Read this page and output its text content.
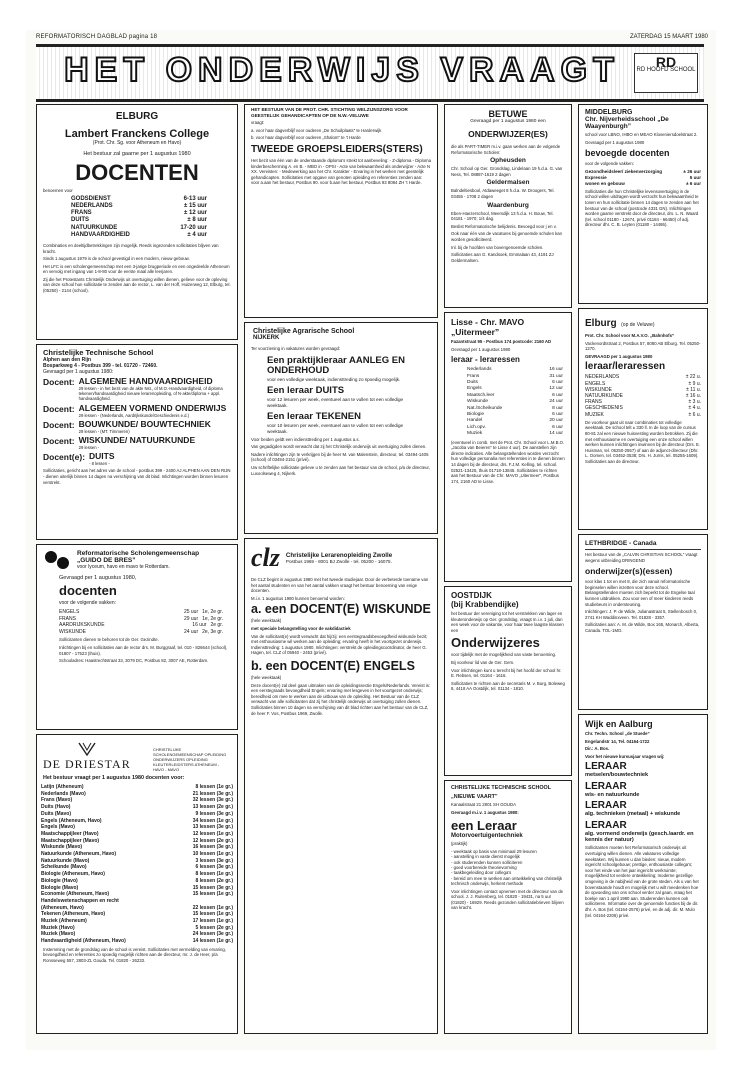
REFORMATORISCH DAGBLAD pagina 18	ZATERDAG 15 MAART 1980
HET ONDERWIJS VRAAGT	RD
RD HOOFD SCHOOL
ELBURG
Lambert Franckens College
(Prot. Chr. Sg. voor Atheneum en Havo)
Het bestuur zal gaarne per 1 augustus 1980
DOCENTEN
benoemen voor
GODSDIENST	6-13 uur
NEDERLANDS	± 15 uur
FRANS	± 12 uur
DUITS	± 8 uur
NATUURKUNDE	17-20 uur
HANDVAARDIGHEID	± 4 uur
Combinaties en deeltijdbetrekkingen zijn mogelijk. Reeds ingezonden sollicitaties blijven van kracht.
Sinds 1 augustus 1979 is de school gevestigd in een modern, nieuw gebouw.
Het LFC is een scholengemeenschap met een 3-jarige brugperiode en een ongedeelde Atheneum en vervolg met ingang van 1-8-80 voor de eerste maal alle leerjaren.
Zij die het Protestants Christelijk Onderwijs uit overtuiging willen dienen, gelieve voor de opleving van deze school hun sollicitatie te zenden aan de rector, L. van der Hoff, Huizerweg 12, Elburg, tel. (05250) - 2144 (school).
Christelijke Technische School
Alphen aan den Rijn
Bosparkweg 4 - Postbus 399 - tel. 01720 - 72460.
Gevraagd per 1 augustus 1980:
Docent: ALGEMENE HANDVAARDIGHEID
29 lessen - in het bezit van de akte Nst., of M.O.-Handvaardigheid, of diploma tekenen/handvaardigheid nieuwe lerarenopleiding, of N-akte/diploma + appl. handvaardigheid.
Docent: ALGEMEEN VORMEND ONDERWIJS
29 lessen - (Nederlands, Aardrijkskunde/Geschiedenis e.d.)
Docent: BOUWKUNDE/ BOUWTECHNIEK
29 lessen - (MT. Timmeren)
Docent: WISKUNDE/ NATUURKUNDE
29 lessen -
Docent(e): DUITS
- 8 lessen -
Sollicitaties, gericht aan het adres van de school - postbus 399 - 2400 AJ ALPHEN AAN DEN RIJN - dienen uiterlijk binnen 14 dagen na verschijning van dit blad. Inlichtingen worden binnen lesuren verstrekt.
Reformatorische Scholengemeenschap
„GUIDO DE BRES”
voor lyceum, havo en mavo te Rotterdam.
Gevraagd per 1 augustus 1980,
docenten
voor de volgende vakken:
ENGELS	25 uur 1e, 2e gr.
FRANS	29 uur 1e, 2e gr.
AARDRIJKSKUNDE	16 uur 2e gr.
WISKUNDE	24 uur 2e, 3e gr.
Sollicitanten dienen te behoren tot de Ger. Gezindte.
Inlichtingen bij en sollicitaties aan de rector drs. M. Burggraaf, tel. 010 - 826644 (school), 01807 - 17523 (thuis).
Schooladres: Haastrechtstraat 33, 3079 DC, Postbus 82, 3007 AE, Rotterdam.
DE DRIESTAR
CHRISTELIJKE SCHOLENGEMEENSCHAP OPLEIDING ONDERWIJZERS OPLEIDING KLEUTERLEIDSTERS ATHENEUM - HAVO - MAVO
Het bestuur vraagt per 1 augustus 1980 docenten voor:
Latijn (Atheneum)	8 lessen (1e gr.)
Nederlands (Mavo)	21 lessen (3e gr.)
Frans (Mavo)	32 lessen (3e gr.)
Duits (Havo)	13 lessen (2e gr.)
Duits (Mavo)	9 lessen (3e gr.)
Engels (Atheneum, Havo)	34 lessen (1e gr.)
Engels (Mavo)	13 lessen (3e gr.)
Maatschappijleer (Havo)	12 lessen (1e gr.)
Maatschappijleer (Mavo)	12 lessen (2e gr.)
Wiskunde (Mavo)	16 lessen (3e gr.)
Natuurkunde (Atheneum, Havo)	10 lessen (1e gr.)
Natuurkunde (Mavo)	3 lessen (3e gr.)
Scheikunde (Mavo)	6 lessen (3e gr.)
Biologie (Atheneum, Havo)	8 lessen (1e gr.)
Biologie (Havo)	8 lessen (2e gr.)
Biologie (Mavo)	15 lessen (3e gr.)
Economie (Atheneum, Havo)	15 lessen (1e gr.)
Handelswetenschappen en recht
(Atheneum, Havo)	22 lessen (1e gr.)
Tekenen (Atheneum, Havo)	15 lessen (1e gr.)
Muziek (Atheneum)	17 lessen (1e gr.)
Muziek (Havo)	5 lessen (2e gr.)
Muziek (Mavo)	24 lessen (3e gr.)
Handvaardigheid (Atheneum, Havo)	14 lessen (1e gr.)
Instemming met de grondslag van de school is vereist. Sollicitaties met vermelding van ervaring, bevoegdheid en referenties zo spoedig mogelijk richten aan de directeur, mr. J. de Heer, p/a Ronsseweg 557, 2803-ZL Gouda. Tel. 01820 - 26233.
HET BESTUUR VAN DE PROT. CHR. STICHTING WELZIJNSZORG VOOR GEESTELIJK GEHANDICAPTEN OP DE N.W.-VELUWE
vraagt:
a. voor haar dagverblijf voor ouderen „De Schuilplaats” te Harderwijk
b. voor haar dagverblijf voor ouderen „Shalom” te 't Harde
TWEEDE GROEPSLEIDERS(STERS)
Het bezit van één van de onderstaande diploma's strekt tot aanbeveling: - Z-diploma - Diploma kinderbescherming A. en B. - MBO in - OPSI - Acte van bekwaamheid als onderwijzer - Acte N XX. Vereisten: - Medewerking aan het Chr. Karakter - Ervaring in het werken met geestelijk gehandicapten. Sollicitaties met opgave van genoten opleiding en referenties zenden aan: voor a.aan het bestuur, Postbus 90. voor b.aan het bestuur, Postbus 93 8084 ZH 't Harde.
Christelijke Agrarische School
NIJKERK
Ter voorziening in vakatures worden gevraagd:
Een praktijkleraar AANLEG EN ONDERHOUD
voor een volledige weektaak, indiensttreding zo spoedig mogelijk.
Een leraar DUITS
voor 12 lesuren per week, eventueel aan te vullen tot een volledige weektaak.
Een leraar TEKENEN
voor 10 lesuren per week, eventueel aan te vullen tot een volledige weektaak.
Voor beiden geldt een indiensttreding per 1 augustus a.s.
Van gegadigden wordt verwacht dat zij het Christelijk onderwijs uit overtuiging zullen dienen.
Nadere inlichtingen zijn te verkrijgen bij de heer M. van Malenstein, directeur, tel. 03494-1405 (school) of 03494-2151 (privé).
Uw schriftelijke sollicitatie gelieve u te zenden aan het bestuur van de school, p/a de directeur, Luxoolseweg 4, Nijkerk.
clz Christelijke Lerarenopleiding Zwolle
Postbus 1969 - 8001 BJ Zwolle - tel. 05200 - 16075.
De CLZ begint in augustus 1980 met het tweede studiejaar. Door de verbeterde toename van het aantal studenten en van het aantal vakken vraagt het bestuur benoeming van enige docenten.
M.i.v. 1 augustus 1980 kunnen benoemd worden:
a. een DOCENT(E) WISKUNDE
(hele weektaak)
met speciale belangstelling voor de vakdidactiek
Van de sollicitant(e) wordt verwacht dat hij/zij: een eerstegraadsbevoegdheid wiskunde bezit; met enthousiasme wil werken aan de opleiding; ervaring heeft in het voortgezet onderwijs. Indiensttreding: 1 augustus 1980. Inlichtingen: verstrekt de opleidingscoördinator, de heer G. Hagen, tel. CLZ of 05940 - 2453 (privé).
b. een DOCENT(E) ENGELS
(hele weektaak)
Deze docent(e) zal deel gaan uitmaken van de opleidingssectie Engels/Nederlands. Vereist is: een eerstegraads bevoegdheid Engels; ervaring met lesgeven in het voortgezet onderwijs; bereidheid om mee te werken aan de uitbouw van de opleiding. Het Bestuur van de CLZ verwacht van alle sollicitanten dat zij het christelijk onderwijs uit overtuiging zullen dienen. Sollicitaties binnen 10 dagen na verschijning van dit blad richten aan het bestuur van de CLZ, de heer F. Vos, Postbus 1969, Zwolle.
BETUWE
Gevraagd per 1 augustus 1980 een
ONDERWIJZER(ES)
die als PART-TIMER m.i.v. gaan werken aan de volgende Reformatorische Scholen:
Opheusden
Chr. School op Ger. Grondslag, Lindelaan 19 h.d.a. G. van Ness, Tel. 08887-1619 2 dagen
Geldermalsen
Balndeltiesbool, Atdaweeget 8 h.d.a. W. Droogers, Tel. 03455 - 1708 2 dagen
Waardenburg
Eben-Haezerschool, Meersdijk 13 h.d.a. H. Bouw, Tel. 04181 - 1970; 1/4 dag.
Beslist Reformatorische belijdenis. Bevoegd voor j en v.
Ook naar één van de vacatures bij genoemde scholen kan worden gesolliciteerd.
Inl. bij de hoofden van bovengenoemde scholen.
Sollicitaties aan G. Kandsoek, Emmalaan 43, 4191 ZJ Geldermalsen.
Lisse - Chr. MAVO „Uitermeer”
Fazantstraat 95 - Postbus 174 postcode: 2160 AD
Gevraagd per 1 augustus 1980
leraar - leraressen
Nederlands	16 uur
Frans	31 uur
Duits	6 uur
Engels	12 uur
Maatsch.leer	6 uur
Wiskunde	24 uur
Nat./Scheikunde	8 uur
Biologie	6 uur
Handel	20 uur
Lich.opv.	6 uur
Muziek	14 uur
(eventueel in comb. met de Prot. Chr. School voor L.M.B.O. „Jacoba van Beieren” te Lisse 4 uur). De aanstellen zijn directe indicaties. Alle belangstellenden worden verzocht hun volledige personalia met referenties in te dienen binnen 14 dagen bij de directeur, drs. F.J.M. Kelling, tel. school. 02521-13425, thuis 01718-13845. Sollicitaties te richten aan het Bestuur van de Chr. MAVO „Uitermeer”, Postbus 174, 2160 AD te Lisse.
OOSTDIJK
(bij Krabbendijke)
het bestuur der vereniging tot het verstrekken van lager en kleuteronderwijs op Ger. grondslag, vraagt m.i.v. 1 juli, dan een week voor de vakantie, voor haar twee laagste klassen een
Onderwijzeres
voor tijdelijk met de mogelijkheid van vaste benoeming.
Bij voorkeur lid van de Ger. Gem.
Voor inlichtingen kunt u terecht bij het hoofd der school hr. E. Rebsen, tel. 01164 - 1616.
Sollicitaties te richten aan de secretaris M. v. Burg, Boleweg 8, 4418 AA Oostdijk, tel. 01134 - 1810.
CHRISTELIJKE TECHNISCHE SCHOOL
„NIEUWE VAART”
Kanaalstraat 21 2801 SH GOUDA
Gevraagd m.i.v. 1 augustus 1980:
een Leraar
Motorvoertuigentechniek
(praktijk)
- weektaak op basis van minimaal 29 lesuren
- aanstelling in vaste dienst mogelijk
- ook studerenden kunnen solliciteren
- goed voorbereide theorievorming
- taakbegeleiding door collega's
- bereid om mee te werken aan ontwikkeling van christelijk technisch onderwijs, herkent methode
Voor inlichtingen contact opnemen met de directeur van de school, J. J. Ruitenberg, tel. 01820 - 19431, na 5 uur (01820) - 16929. Reeds gezonden sollicitatiebrieven blijven van kracht.
MIDDELBURG
Chr. Nijverheidsschool „De Waayenburgh”
school voor LBNO, IHBO en MEAO Kloveniersdoelstraat 2.
Gevraagd per 1 augustus 1980
bevoegde docenten
voor de volgende vakken:
Gezondheidsleer/ ziekenverzorging	± 26 uur
Expressie	5 uur
wonen en gebouw	± 6 uur
Sollicitaties die hun Christelijke levensovertuiging in de school willen uitdragen wordt verzocht hun bekwaamheid te tonen en hun sollicitatie binnen 14 dagen te zenden aan het bestuur van de school (postcode 4331 GN). Inlichtingen worden gaarne verstrekt door de directeur, drs. L. N. Waard (tel. school 01180 - 12674, privé 01184 - 66450) of adj. directeur dhr. C. B. Leyten (01180 - 14486).
Elburg (op de Veluwe)
Prot. Chr. School voor M.A.V.O. „Bahnhofs”
Vackenordtstraat 2, Postbus 57, 8080 AB Elburg. Tel. 05250-1270.
GEVRAAGD per 1 augustus 1980
leraar/leraressen
NEDERLANDS	± 22 u.
ENGELS	± 9 u.
WISKUNDE	± 11 u.
NATUURKUNDE	± 16 u.
FRANS	± 3 u.
GESCHIEDENIS	± 4 u.
MUZIEK	± 6 u.
De voorkeur gaat uit naar combinaties tot volledige weektaak. De school telt ± 330 ll. In de loop van de cursus 80-81 zal een nieuwe huisvesting worden betrokken. Zij die met enthousiasme en overtuiging een onze school willen werken kunnen inlichtingen inwinnen bij de directeur (Drs. E. Huisman, tel. 05250-2557) of aan de adjunct-directeur (Dhr. L. Oomen, tel. 03452-3538; Drs. H. Jurris, tel. 05255-1609). Sollicitaties aan de directeur.
LETHBRIDGE - Canada
Het bestuur van de „CALVIN CHRISTIAN SCHOOL” vraagt wegens uitbreiding DRINGEND
onderwijzer(s)(essen)
voor klas 1 tot en met 8, die zich vanuit reformatorische beginselen willen inzetten voor deze school. Belangstellenden moeten zich beperkt tot de Engelse taal kunnen uitdrukken. Zou voor een of meer kinderen reeds studiebeurs in ondersteuning.
Inlichtingen: J. P. de Wilde, Julianastraat 5, Stellenbosch 0, 2741 KH Waddinxveen. Tel. 01828 - 3357.
Sollicitaties aan: A. M. de Wilde, Box 165, Monarch, Alberta, Canada. TOL-1MO.
Wijk en Aalburg
Chr. Techn. School „de Stuede”
Engelandstr 14, Tel. 04164-1722
Dir.: A. Bos.
Voor het nieuwe kursusjaar vragen wij:
LERAAR
metselen/bouwtechniek
LERAAR
wis- en natuurkunde
LERAAR
alg. technieken (metaal) + wiskunde
LERAAR
alg. vormend onderwijs (gesch./aardr. en kennis der natuur)
Sollicitanten moeten het Reformatorisch onderwijs uit overtuiging willen dienen. Alle vakatures volledige weektaken. Wij kunnen u dan bieden: nieuw, modern ingericht schoolgebouw; prettige, enthousiaste collega's; voor het einde van het jaar ingericht werkruimte; mogelijkheid tot verdere ontwikkeling; moderne gezellige omgeving in de nabijheid van de grote steden. Als u van het bovenstaande houdt en mogelijk met u wilt meedenken hoe de opvoeding van ons school verder zal gaan, vraag het boekje van 1 april 1980 aan. Studerenden kunnen ook solliciteren. Informatie over de genoemde functies bij de dir. dhr. A. Bos (tel. 04164-2576) privé, en de adj. dir. M. Mulo (tel. 04164-2206) privé.
